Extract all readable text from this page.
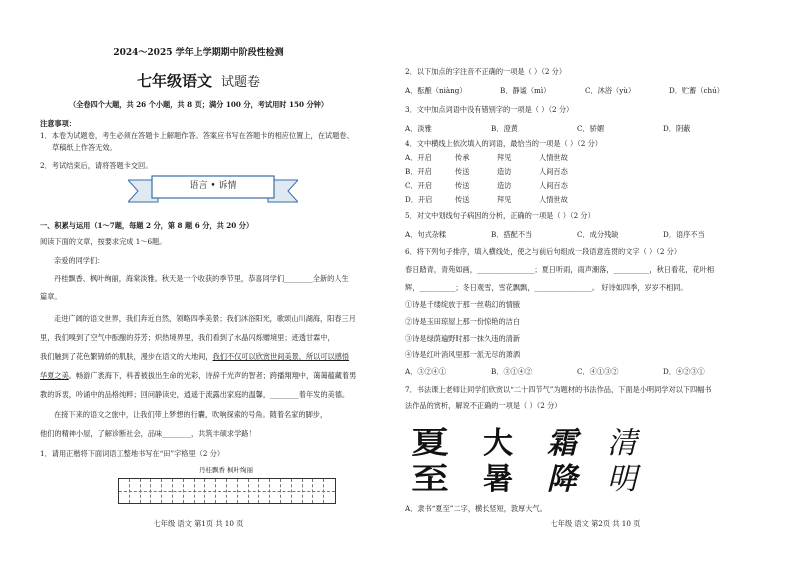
2024～2025 学年上学期期中阶段性检测
七年级语文 试题卷
（全卷四个大题，共 26 个小题，共 8 页；满分 100 分，考试用时 150 分钟）
注意事项：
1．本卷为试题卷，考生必须在答题卡上解题作答。答案应书写在答题卡的相应位置上，在试题卷、
草稿纸上作答无效。
2．考试结束后，请将答题卡交回。
语言 • 诉情
一、积累与运用（1～7题，每题 2 分，第 8 题 6 分，共 20 分）
阅读下面的文章，按要求完成 1～6题。
亲爱的同学们：
丹桂飘香、枫叶绚丽，海棠淡雅。秋天是一个收获的季节里，恭喜同学们________全新的人生
篇章。
走进广阔的语文世界，我们奔近自然，领略四季美景；我们沐浴阳光，歌颂山川湖海，阳春三月
里，我们嗅到了空气中酝酿的芬芳；炽热境界里，我们看到了水晶闪烁赠境里；迹透甘霖中，
我们触到了花色繁锦娇的肌肤，漫步在语文的大地间，我们不仅可以欣赏世间美景，所以可以感悟
华夏之美。畅游广袤海下，科普被拔出生命的光彩，诗辞千光声的智者；跨播翔翔中，蔼蔼蕴藏着男
教的诉衷，吟诵中的品格纯粹；回问静读史，逍遥于流露出家庭的温馨，________着年发的美德。
在接下来的语文之旅中，让我们带上梦想的行囊，吹响探索的号角。随着名家的脚步，
他们的精神小屋，了解诊断社会，品味________，共筑丰硕求学路！
1．请用正楷将下面词语工整地书写在“田”字格里（2 分）
丹桂飘香 枫叶绚丽
七年级 语文 第1页 共 10 页
2．以下加点的字注音不正确的一项是（ ）（2 分）
A．酝酿（niàng）	B．静谧（mì）	C．沐浴（yù）	D．贮蓄（chú）
3．文中加点词语中没有错别字的一项是（ ）（2 分）
A．淡雅	B．澄黄	C．骄媚	D．阴蔽
4．文中横线上依次填入的词语，最恰当的一项是（ ）（2 分）
A．开启	传承	拜见	人情世故
B．开启	传送	造访	人间百态
C．开启	传送	造访	人间百态
D．开启	传送	拜见	人情世故
5．对文中划线句子病因的分析，正确的一项是（ ）（2 分）
A．句式杂糅	B．搭配不当	C．成分残缺	D．语序不当
6．将下列句子排序，填入横线处，使之与前后句组成一段语意连贯的文字（ ）（2 分）
春日踏青，青苑如画，________________；夏日听雨，雨声潮落，__________，秋日看花，花叶相
辉，__________；冬日观雪，雪花飘飘，________________。 好诗如四季，岁岁不相同。
①诗是千缕绽放于那一丝萌幻的情腋
②诗是玉田琼屋上那一份惊艳的洁白
③诗是绿荫遍野时那一抹久违的清新
④诗是红叶消风里那一派无尽的萧洒
A．③②④①	B．③①④②	C．④①③②	D．④②③①
7．书法课上老师让同学们欣赏以“二十四节气”为题材的书法作品，下面是小明同学对以下四幅书
法作品的赏析，解说不正确的一项是（ ）（2 分）
夏
至
大
暑
霜
降
清
明
A．隶书“夏至”二字，横长竖短，敦厚大气。
七年级 语文 第2页 共 10 页
